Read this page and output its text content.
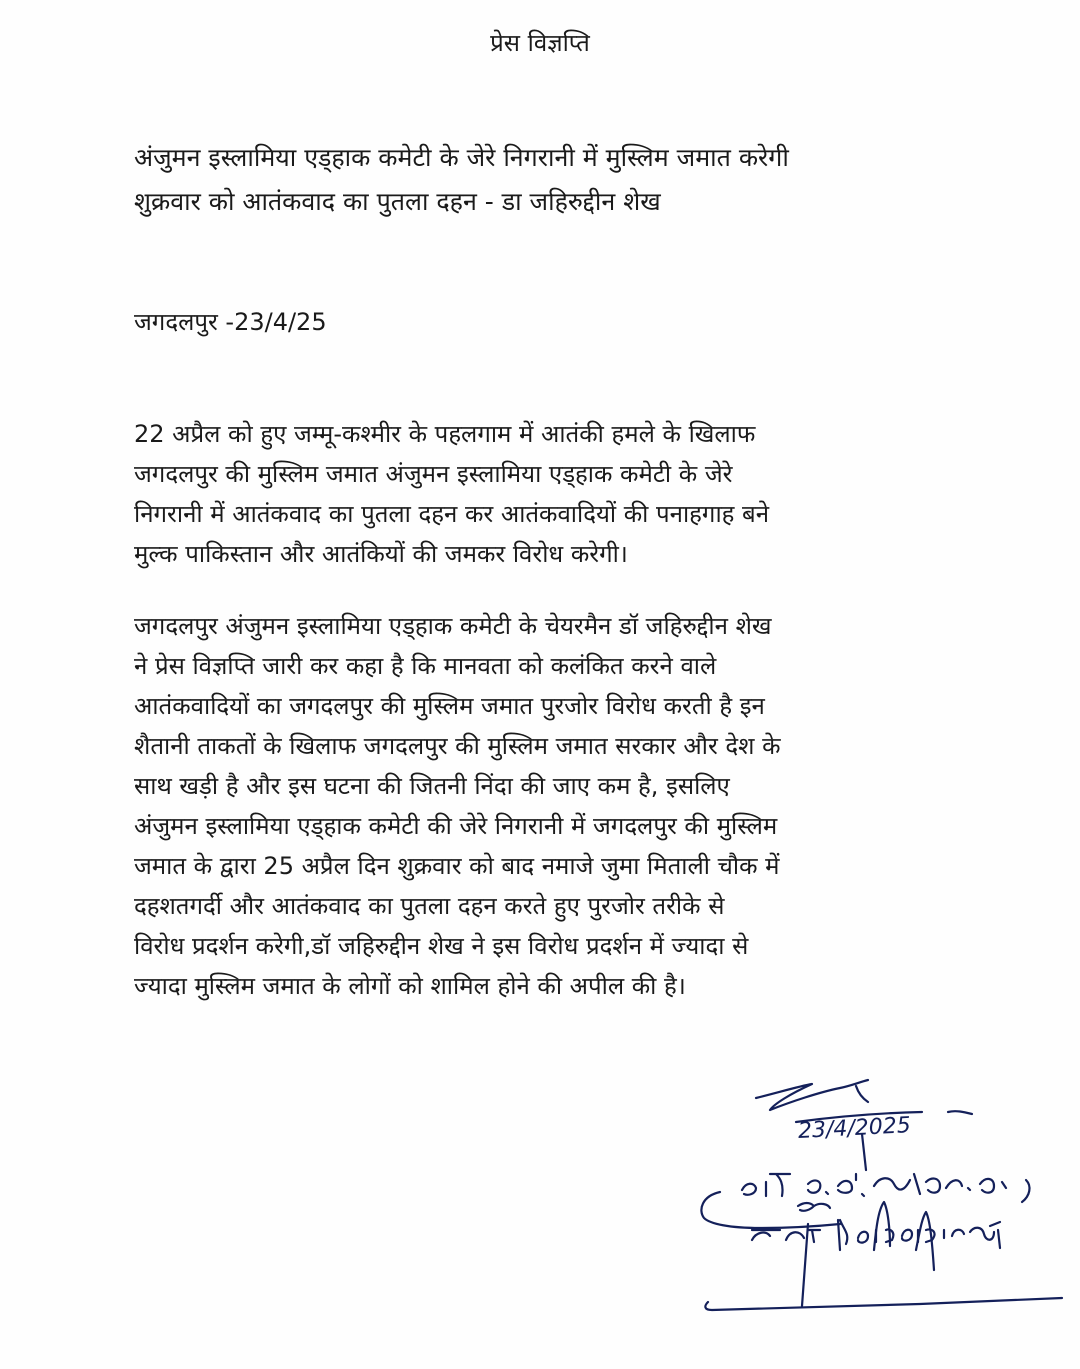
प्रेस विज्ञप्ति
अंजुमन इस्लामिया एड्हाक कमेटी के जेरे निगरानी में मुस्लिम जमात करेगी
शुक्रवार को आतंकवाद का पुतला दहन - डा जहिरुद्दीन शेख
जगदलपुर -23/4/25
22 अप्रैल को हुए जम्मू-कश्मीर के पहलगाम में आतंकी हमले के खिलाफ
जगदलपुर की मुस्लिम जमात अंजुमन इस्लामिया एड्हाक कमेटी के जेरे
निगरानी में आतंकवाद का पुतला दहन कर आतंकवादियों की पनाहगाह बने
मुल्क पाकिस्तान और आतंकियों की जमकर विरोध करेगी।
जगदलपुर अंजुमन इस्लामिया एड्हाक कमेटी के चेयरमैन डॉ जहिरुद्दीन शेख
ने प्रेस विज्ञप्ति जारी कर कहा है कि मानवता को कलंकित करने वाले
आतंकवादियों का जगदलपुर की मुस्लिम जमात पुरजोर विरोध करती है इन
शैतानी ताकतों के खिलाफ जगदलपुर की मुस्लिम जमात सरकार और देश के
साथ खड़ी है और इस घटना की जितनी निंदा की जाए कम है, इसलिए
अंजुमन इस्लामिया एड्हाक कमेटी की जेरे निगरानी में जगदलपुर की मुस्लिम
जमात के द्वारा 25 अप्रैल दिन शुक्रवार को बाद नमाजे जुमा मिताली चौक में
दहशतगर्दी और आतंकवाद का पुतला दहन करते हुए पुरजोर तरीके से
विरोध प्रदर्शन करेगी,डॉ जहिरुद्दीन शेख ने इस विरोध प्रदर्शन में ज्यादा से
ज्यादा मुस्लिम जमात के लोगों को शामिल होने की अपील की है।
23/4/2025
